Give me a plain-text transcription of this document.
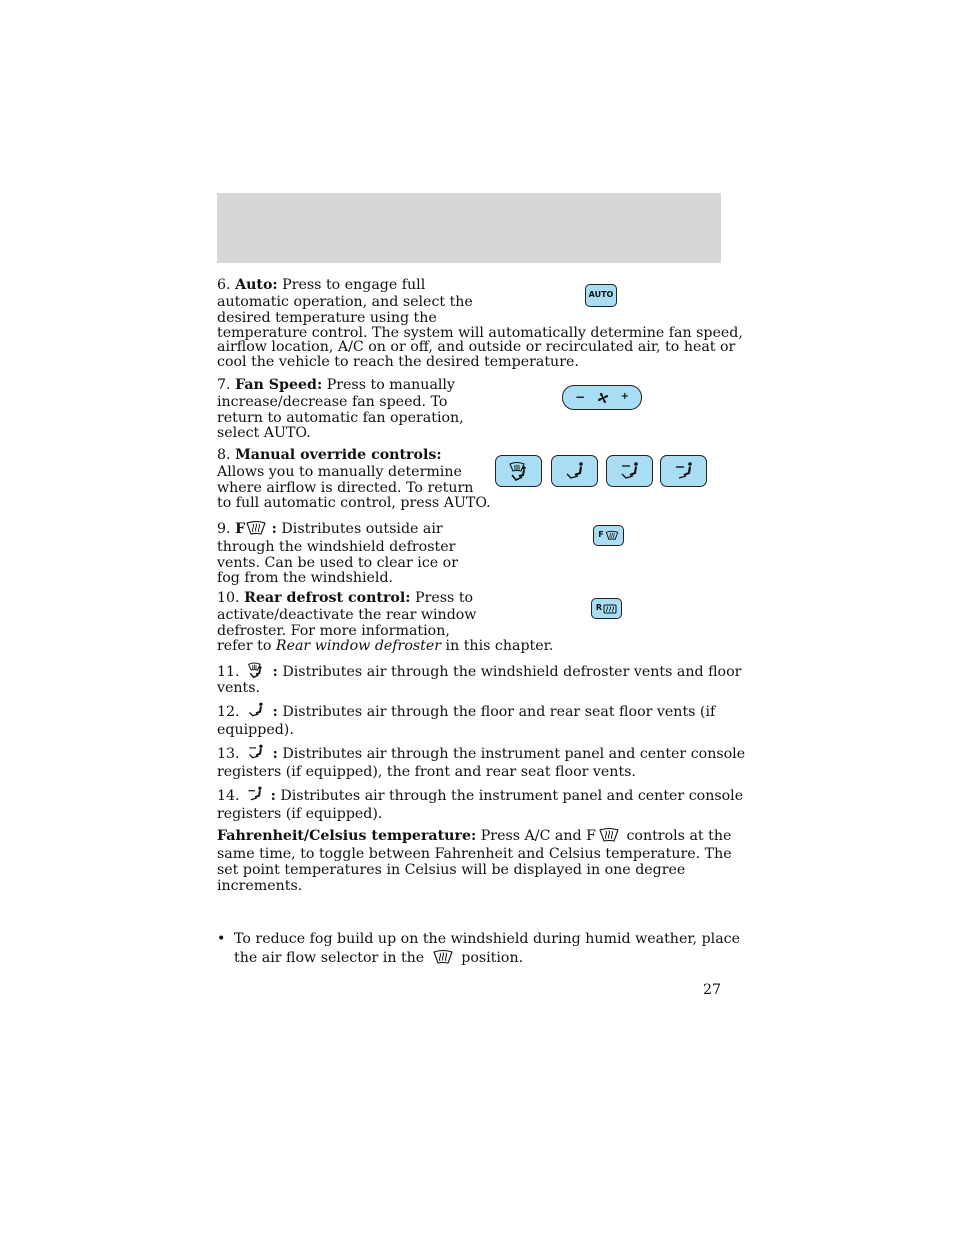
6. Auto: Press to engage full
automatic operation, and select the
desired temperature using the
temperature control. The system will automatically determine fan speed,
airflow location, A/C on or off, and outside or recirculated air, to heat or
cool the vehicle to reach the desired temperature.
AUTO
7. Fan Speed: Press to manually
increase/decrease fan speed. To
return to automatic fan operation,
select AUTO.
−	+
8. Manual override controls:
Allows you to manually determine
where airflow is directed. To return
to full automatic control, press AUTO.
9. F : Distributes outside air
through the windshield defroster
vents. Can be used to clear ice or
fog from the windshield.
F
10. Rear defrost control: Press to
activate/deactivate the rear window
defroster. For more information,
refer to Rear window defroster in this chapter.
R
11. : Distributes air through the windshield defroster vents and floor
vents.
12. : Distributes air through the floor and rear seat floor vents (if
equipped).
13. : Distributes air through the instrument panel and center console
registers (if equipped), the front and rear seat floor vents.
14. : Distributes air through the instrument panel and center console
registers (if equipped).
Fahrenheit/Celsius temperature: Press A/C and F controls at the
same time, to toggle between Fahrenheit and Celsius temperature. The
set point temperatures in Celsius will be displayed in one degree
increments.
• To reduce fog build up on the windshield during humid weather, place
the air flow selector in the	position.
27
